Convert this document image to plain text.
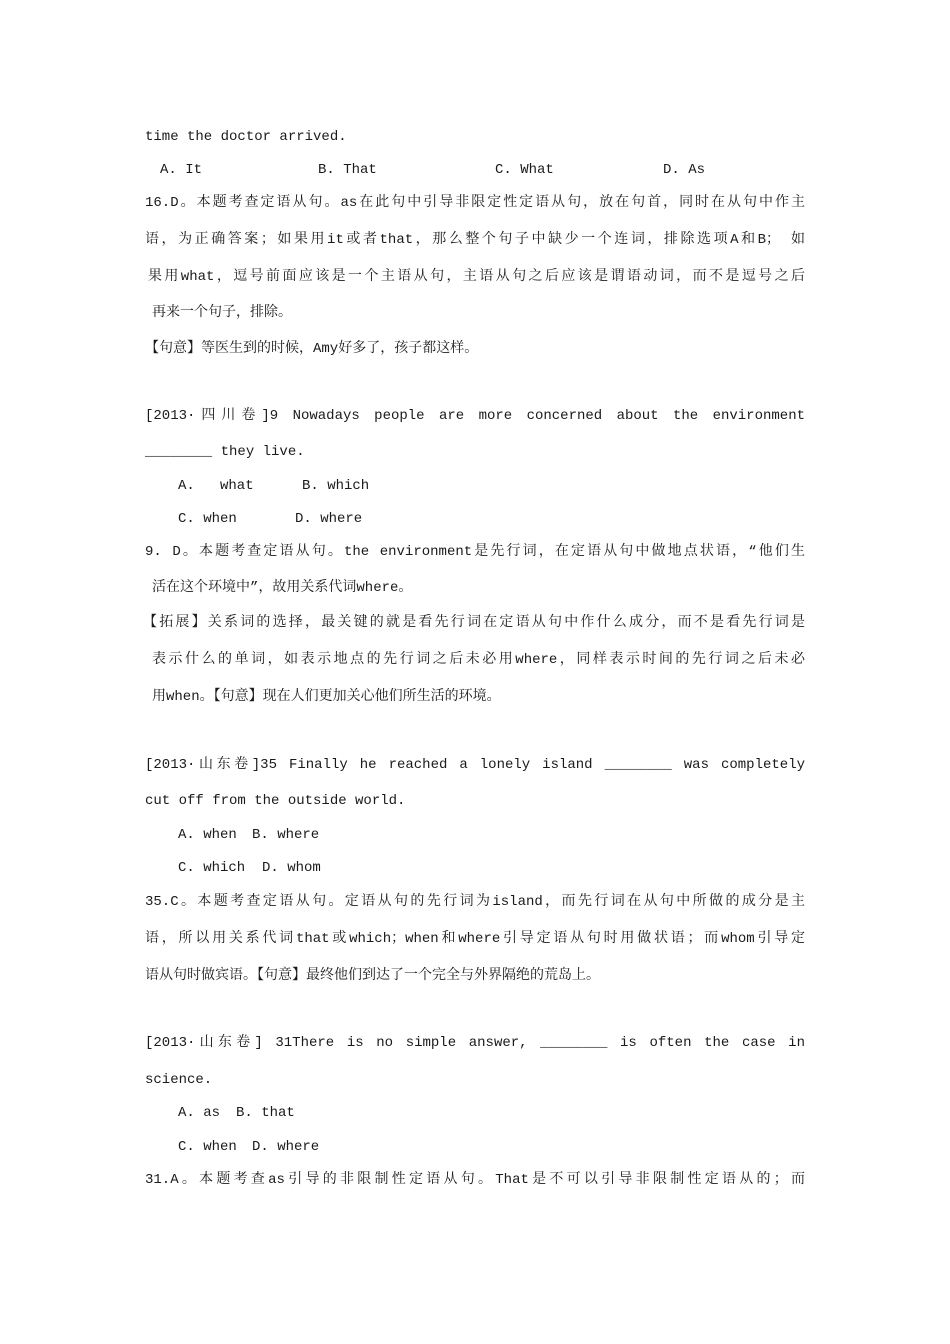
time the doctor arrived.
A. It	B. That	C. What	D. As
16.D。本题考查定语从句。as在此句中引导非限定性定语从句，放在句首，同时在从句中作主
语，为正确答案；如果用it或者that，那么整个句子中缺少一个连词，排除选项A和B； 如
果用what，逗号前面应该是一个主语从句，主语从句之后应该是谓语动词，而不是逗号之后
再来一个句子，排除。
【句意】等医生到的时候，Amy好多了，孩子都这样。
[2013·四川卷]9 Nowadays people are more concerned about the environment
________ they live.
A.   what	B. which
C. when	D. where
9. D。本题考查定语从句。the environment是先行词，在定语从句中做地点状语，“他们生
活在这个环境中”，故用关系代词where。
【拓展】关系词的选择，最关键的就是看先行词在定语从句中作什么成分，而不是看先行词是
表示什么的单词，如表示地点的先行词之后未必用where，同样表示时间的先行词之后未必
用when。【句意】现在人们更加关心他们所生活的环境。
[2013·山东卷]35 Finally he reached a lonely island ________ was completely
cut off from the outside world.
A. when B. where
C. which D. whom
35.C。本题考查定语从句。定语从句的先行词为island，而先行词在从句中所做的成分是主
语，所以用关系代词that或which；when和where引导定语从句时用做状语；而whom引导定
语从句时做宾语。【句意】最终他们到达了一个完全与外界隔绝的荒岛上。
[2013·山东卷] 31There is no simple answer, ________ is often the case in
science.
A. as B. that
C. when D. where
31.A。本题考查as引导的非限制性定语从句。That是不可以引导非限制性定语从的；而
